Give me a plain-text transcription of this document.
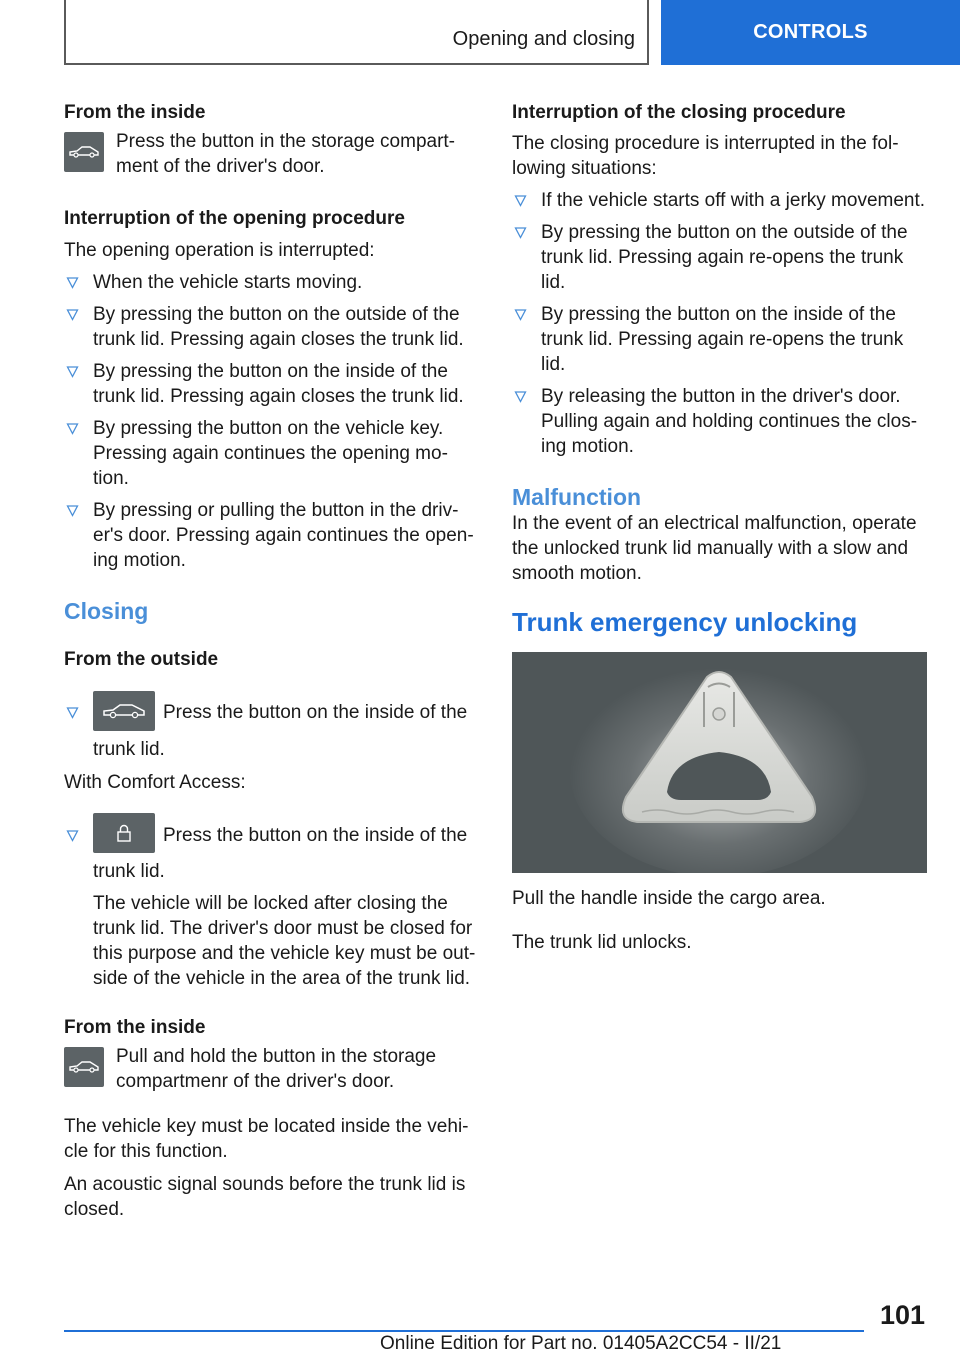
Opening and closing	CONTROLS
From the inside

Press the button in the storage compart-
ment of the driver's door.

Interruption of the opening procedure

The opening operation is interrupted:

When the vehicle starts moving.
By pressing the button on the outside of the trunk lid. Pressing again closes the trunk lid.
By pressing the button on the inside of the trunk lid. Pressing again closes the trunk lid.
By pressing the button on the vehicle key. Pressing again continues the opening mo-tion.
By pressing or pulling the button in the driv-er's door. Pressing again continues the open-ing motion.
Closing
From the outside
Press the button on the inside of the trunk lid.

With Comfort Access:

Press the button on the inside of the trunk lid.

The vehicle will be locked after closing the trunk lid. The driver's door must be closed for this purpose and the vehicle key must be out-side of the vehicle in the area of the trunk lid.

From the inside

Pull and hold the button in the storage compartmenr of the driver's door.

The vehicle key must be located inside the vehi-cle for this function.

An acoustic signal sounds before the trunk lid is closed.

Interruption of the closing procedure

The closing procedure is interrupted in the fol-lowing situations:

If the vehicle starts off with a jerky movement.
By pressing the button on the outside of the trunk lid. Pressing again re-opens the trunk lid.
By pressing the button on the inside of the trunk lid. Pressing again re-opens the trunk lid.
By releasing the button in the driver's door. Pulling again and holding continues the clos-ing motion.
Malfunction

In the event of an electrical malfunction, operate the unlocked trunk lid manually with a slow and smooth motion.

Trunk emergency unlocking

Pull the handle inside the cargo area.

The trunk lid unlocks.

101
Online Edition for Part no. 01405A2CC54 - II/21
